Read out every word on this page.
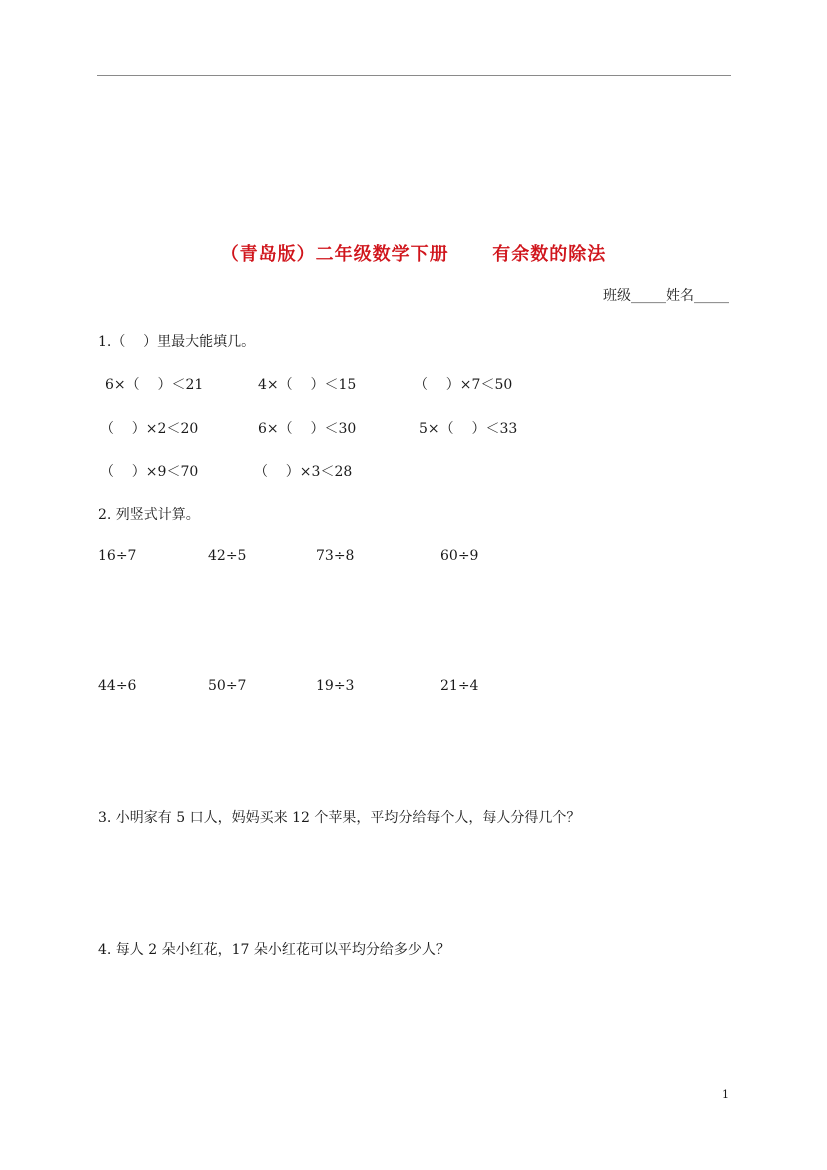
（青岛版）二年级数学下册      有余数的除法
班级_____姓名_____
1.（    ）里最大能填几。
6×（    ）＜21	4×（    ）＜15	（    ）×7＜50
（    ）×2＜20	6×（    ）＜30	5×（    ）＜33
（    ）×9＜70	（    ）×3＜28
2. 列竖式计算。
16÷7	42÷5	73÷8	60÷9
44÷6	50÷7	19÷3	21÷4
3. 小明家有 5 口人，妈妈买来 12 个苹果，平均分给每个人，每人分得几个？
4. 每人 2 朵小红花，17 朵小红花可以平均分给多少人？
1
